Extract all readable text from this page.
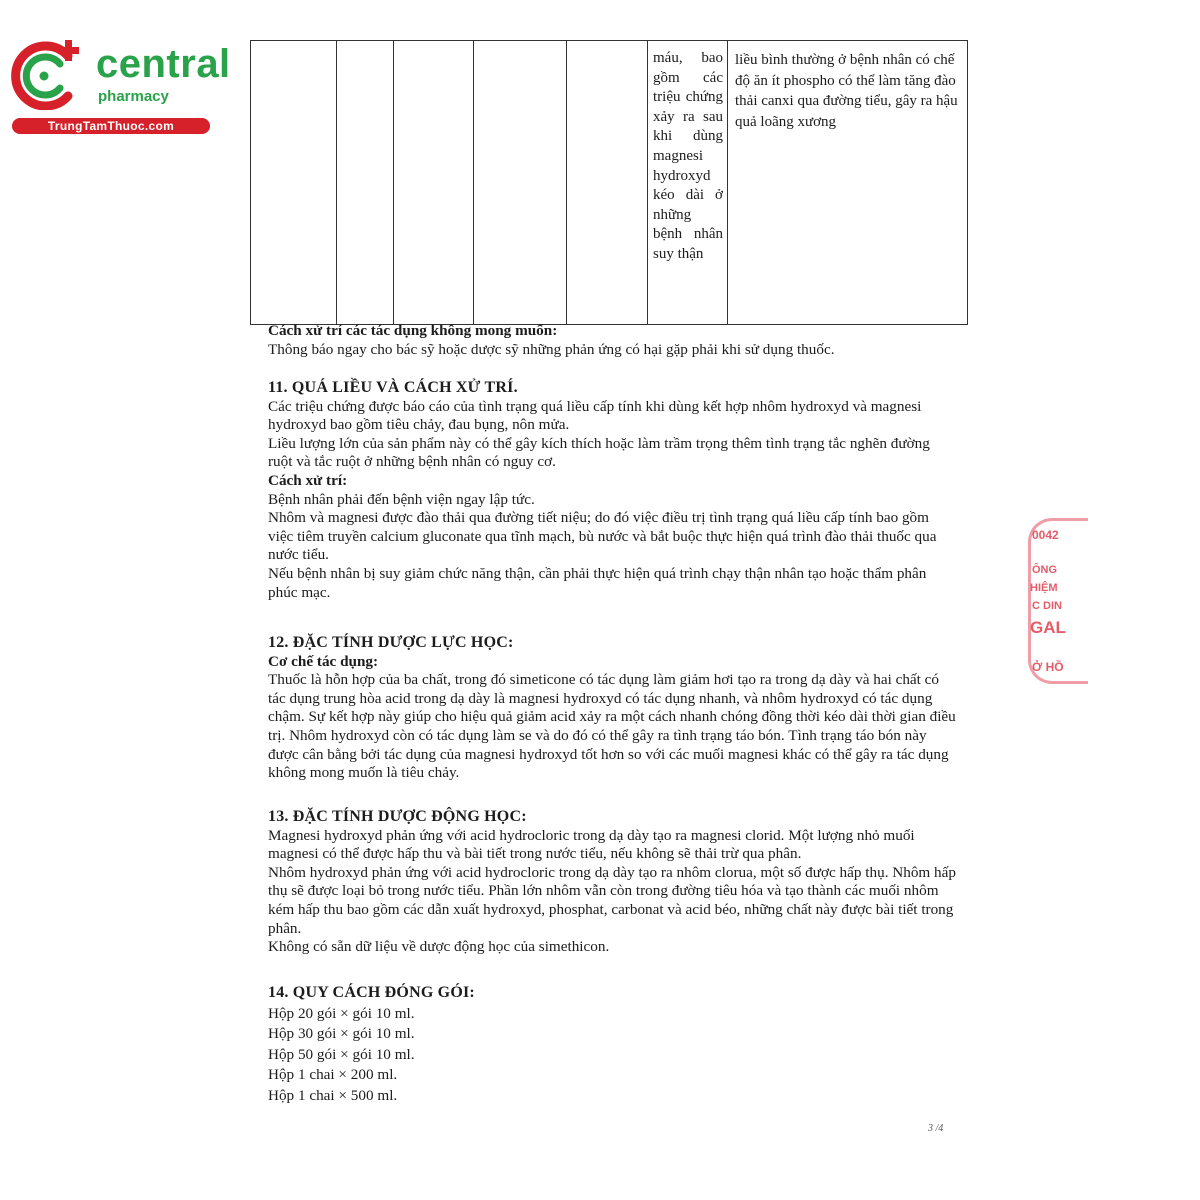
central
pharmacy
TrungTamThuoc.com
máu, bao gồm các triệu chứng xảy ra sau khi dùng magnesi hydroxyd kéo dài ở những bệnh nhân suy thận
liều bình thường ở bệnh nhân có chế độ ăn ít phospho có thể làm tăng đào thải canxi qua đường tiểu, gây ra hậu quả loãng xương

Cách xử trí các tác dụng không mong muốn:

Thông báo ngay cho bác sỹ hoặc dược sỹ những phản ứng có hại gặp phải khi sử dụng thuốc.

11. QUÁ LIỀU VÀ CÁCH XỬ TRÍ.

Các triệu chứng được báo cáo của tình trạng quá liều cấp tính khi dùng kết hợp nhôm hydroxyd và magnesi hydroxyd bao gồm tiêu chảy, đau bụng, nôn mửa.

Liều lượng lớn của sản phẩm này có thể gây kích thích hoặc làm trầm trọng thêm tình trạng tắc nghẽn đường ruột và tắc ruột ở những bệnh nhân có nguy cơ.

Cách xử trí:

Bệnh nhân phải đến bệnh viện ngay lập tức.

Nhôm và magnesi được đào thải qua đường tiết niệu; do đó việc điều trị tình trạng quá liều cấp tính bao gồm việc tiêm truyền calcium gluconate qua tĩnh mạch, bù nước và bắt buộc thực hiện quá trình đào thải thuốc qua nước tiểu.

Nếu bệnh nhân bị suy giảm chức năng thận, cần phải thực hiện quá trình chạy thận nhân tạo hoặc thẩm phân phúc mạc.

12. ĐẶC TÍNH DƯỢC LỰC HỌC:

Cơ chế tác dụng:

Thuốc là hỗn hợp của ba chất, trong đó simeticone có tác dụng làm giảm hơi tạo ra trong dạ dày và hai chất có tác dụng trung hòa acid trong dạ dày là magnesi hydroxyd có tác dụng nhanh, và nhôm hydroxyd có tác dụng chậm. Sự kết hợp này giúp cho hiệu quả giảm acid xảy ra một cách nhanh chóng đồng thời kéo dài thời gian điều trị. Nhôm hydroxyd còn có tác dụng làm se và do đó có thể gây ra tình trạng táo bón. Tình trạng táo bón này được cân bằng bởi tác dụng của magnesi hydroxyd tốt hơn so với các muối magnesi khác có thể gây ra tác dụng không mong muốn là tiêu chảy.

13. ĐẶC TÍNH DƯỢC ĐỘNG HỌC:

Magnesi hydroxyd phản ứng với acid hydrocloric trong dạ dày tạo ra magnesi clorid. Một lượng nhỏ muối magnesi có thể được hấp thu và bài tiết trong nước tiểu, nếu không sẽ thải trừ qua phân.

Nhôm hydroxyd phản ứng với acid hydrocloric trong dạ dày tạo ra nhôm clorua, một số được hấp thụ. Nhôm hấp thụ sẽ được loại bỏ trong nước tiểu. Phần lớn nhôm vẫn còn trong đường tiêu hóa và tạo thành các muối nhôm kém hấp thu bao gồm các dẫn xuất hydroxyd, phosphat, carbonat và acid béo, những chất này được bài tiết trong phân.

Không có sẵn dữ liệu về dược động học của simethicon.

14. QUY CÁCH ĐÓNG GÓI:

Hộp 20 gói × gói 10 ml.

Hộp 30 gói × gói 10 ml.

Hộp 50 gói × gói 10 ml.

Hộp 1 chai × 200 ml.

Hộp 1 chai × 500 ml.

3 /4
0042
ÔNG
HIỆM
C DIN
GAL
Ở HỒ
